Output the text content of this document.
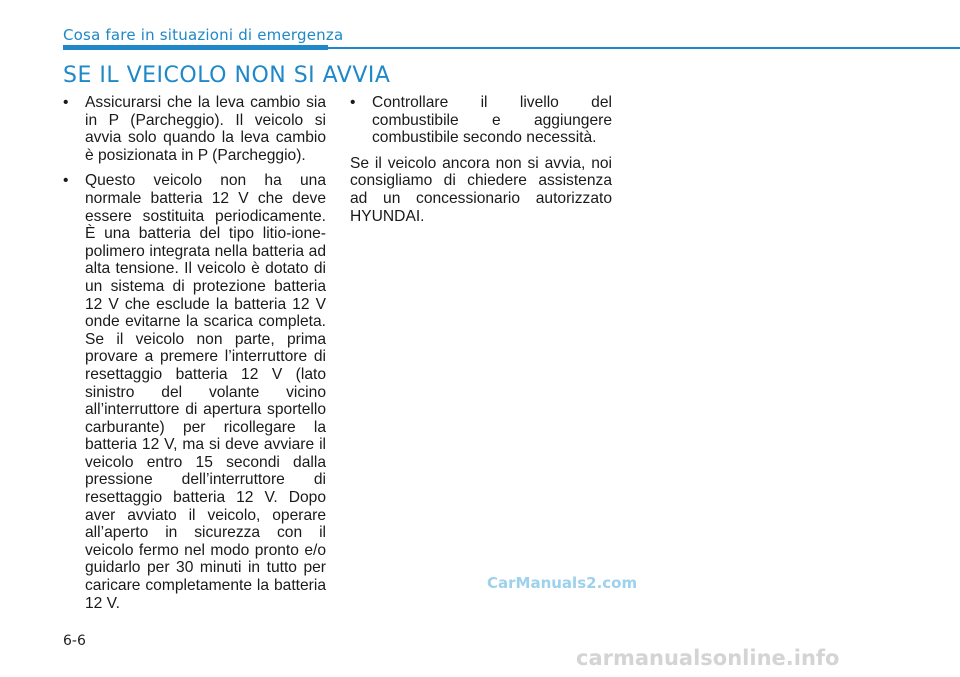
Cosa fare in situazioni di emergenza
SE IL VEICOLO NON SI AVVIA
•	Assicurarsi che la leva cambio sia in P (Parcheggio). Il veicolo si avvia solo quando la leva cambio è posizionata in P (Parcheggio).
•	Questo veicolo non ha una normale batteria 12 V che deve essere sostituita periodicamente. È una batteria del tipo litio-ione-polimero integrata nella batteria ad alta tensione. Il veicolo è dotato di un sistema di protezione batteria 12 V che esclude la batteria 12 V onde evitarne la scarica completa. Se il veicolo non parte, prima provare a premere l’interruttore di resettaggio batteria 12 V (lato sinistro del volante vicino all’interruttore di apertura sportello carburante) per ricollegare la batteria 12 V, ma si deve avviare il veicolo entro 15 secondi dalla pressione dell’interruttore di resettaggio batteria 12 V. Dopo aver avviato il veicolo, operare all’aperto in sicurezza con il veicolo fermo nel modo pronto e/o guidarlo per 30 minuti in tutto per caricare completamente la batteria 12 V.
•	Controllare il livello del combustibile e aggiungere combustibile secondo necessità.

Se il veicolo ancora non si avvia, noi consigliamo di chiedere assistenza ad un concessionario autorizzato HYUNDAI.

CarManuals2.com
6-6
carmanualsonline.info
